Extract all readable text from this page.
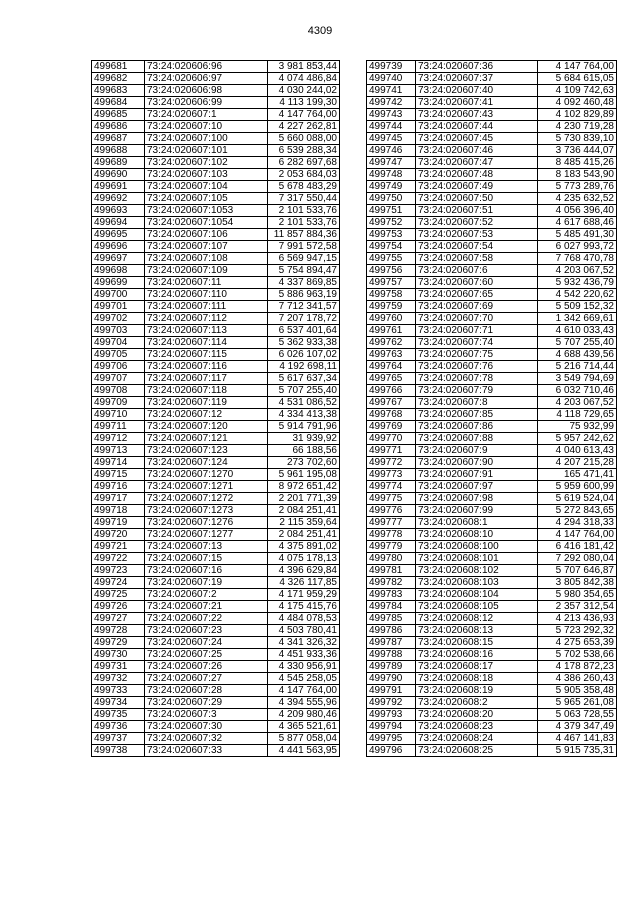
4309
499681	73:24:020606:96	3 981 853,44
499682	73:24:020606:97	4 074 486,84
499683	73:24:020606:98	4 030 244,02
499684	73:24:020606:99	4 113 199,30
499685	73:24:020607:1	4 147 764,00
499686	73:24:020607:10	4 227 262,81
499687	73:24:020607:100	5 660 088,00
499688	73:24:020607:101	6 539 288,34
499689	73:24:020607:102	6 282 697,68
499690	73:24:020607:103	2 053 684,03
499691	73:24:020607:104	5 678 483,29
499692	73:24:020607:105	7 317 550,44
499693	73:24:020607:1053	2 101 533,76
499694	73:24:020607:1054	2 101 533,76
499695	73:24:020607:106	11 857 884,36
499696	73:24:020607:107	7 991 572,58
499697	73:24:020607:108	6 569 947,15
499698	73:24:020607:109	5 754 894,47
499699	73:24:020607:11	4 337 869,85
499700	73:24:020607:110	5 886 963,19
499701	73:24:020607:111	7 712 341,57
499702	73:24:020607:112	7 207 178,72
499703	73:24:020607:113	6 537 401,64
499704	73:24:020607:114	5 362 933,38
499705	73:24:020607:115	6 026 107,02
499706	73:24:020607:116	4 192 698,11
499707	73:24:020607:117	5 617 637,34
499708	73:24:020607:118	5 707 255,40
499709	73:24:020607:119	4 531 086,52
499710	73:24:020607:12	4 334 413,38
499711	73:24:020607:120	5 914 791,96
499712	73:24:020607:121	31 939,92
499713	73:24:020607:123	66 188,56
499714	73:24:020607:124	273 702,60
499715	73:24:020607:1270	5 961 195,08
499716	73:24:020607:1271	8 972 651,42
499717	73:24:020607:1272	2 201 771,39
499718	73:24:020607:1273	2 084 251,41
499719	73:24:020607:1276	2 115 359,64
499720	73:24:020607:1277	2 084 251,41
499721	73:24:020607:13	4 375 891,02
499722	73:24:020607:15	4 075 178,13
499723	73:24:020607:16	4 396 629,84
499724	73:24:020607:19	4 326 117,85
499725	73:24:020607:2	4 171 959,29
499726	73:24:020607:21	4 175 415,76
499727	73:24:020607:22	4 484 078,53
499728	73:24:020607:23	4 503 780,41
499729	73:24:020607:24	4 341 326,32
499730	73:24:020607:25	4 451 933,36
499731	73:24:020607:26	4 330 956,91
499732	73:24:020607:27	4 545 258,05
499733	73:24:020607:28	4 147 764,00
499734	73:24:020607:29	4 394 555,96
499735	73:24:020607:3	4 209 980,46
499736	73:24:020607:30	4 365 521,61
499737	73:24:020607:32	5 877 058,04
499738	73:24:020607:33	4 441 563,95
499739	73:24:020607:36	4 147 764,00
499740	73:24:020607:37	5 684 615,05
499741	73:24:020607:40	4 109 742,63
499742	73:24:020607:41	4 092 460,48
499743	73:24:020607:43	4 102 829,89
499744	73:24:020607:44	4 230 719,28
499745	73:24:020607:45	5 730 839,10
499746	73:24:020607:46	3 736 444,07
499747	73:24:020607:47	8 485 415,26
499748	73:24:020607:48	8 183 543,90
499749	73:24:020607:49	5 773 289,76
499750	73:24:020607:50	4 235 632,52
499751	73:24:020607:51	4 056 396,40
499752	73:24:020607:52	4 617 688,46
499753	73:24:020607:53	5 485 491,30
499754	73:24:020607:54	6 027 993,72
499755	73:24:020607:58	7 768 470,78
499756	73:24:020607:6	4 203 067,52
499757	73:24:020607:60	5 932 436,79
499758	73:24:020607:65	4 542 220,62
499759	73:24:020607:69	5 509 152,32
499760	73:24:020607:70	1 342 669,61
499761	73:24:020607:71	4 610 033,43
499762	73:24:020607:74	5 707 255,40
499763	73:24:020607:75	4 688 439,56
499764	73:24:020607:76	5 216 714,44
499765	73:24:020607:78	3 549 794,69
499766	73:24:020607:79	6 032 710,46
499767	73:24:020607:8	4 203 067,52
499768	73:24:020607:85	4 118 729,65
499769	73:24:020607:86	75 932,99
499770	73:24:020607:88	5 957 242,62
499771	73:24:020607:9	4 040 613,43
499772	73:24:020607:90	4 207 215,28
499773	73:24:020607:91	165 471,41
499774	73:24:020607:97	5 959 600,99
499775	73:24:020607:98	5 619 524,04
499776	73:24:020607:99	5 272 843,65
499777	73:24:020608:1	4 294 318,33
499778	73:24:020608:10	4 147 764,00
499779	73:24:020608:100	6 416 181,42
499780	73:24:020608:101	7 292 080,04
499781	73:24:020608:102	5 707 646,87
499782	73:24:020608:103	3 805 842,38
499783	73:24:020608:104	5 980 354,65
499784	73:24:020608:105	2 357 312,54
499785	73:24:020608:12	4 213 436,93
499786	73:24:020608:13	5 723 292,32
499787	73:24:020608:15	4 275 653,39
499788	73:24:020608:16	5 702 538,66
499789	73:24:020608:17	4 178 872,23
499790	73:24:020608:18	4 386 260,43
499791	73:24:020608:19	5 905 358,48
499792	73:24:020608:2	5 965 261,08
499793	73:24:020608:20	5 063 728,55
499794	73:24:020608:23	4 379 347,49
499795	73:24:020608:24	4 467 141,83
499796	73:24:020608:25	5 915 735,31
